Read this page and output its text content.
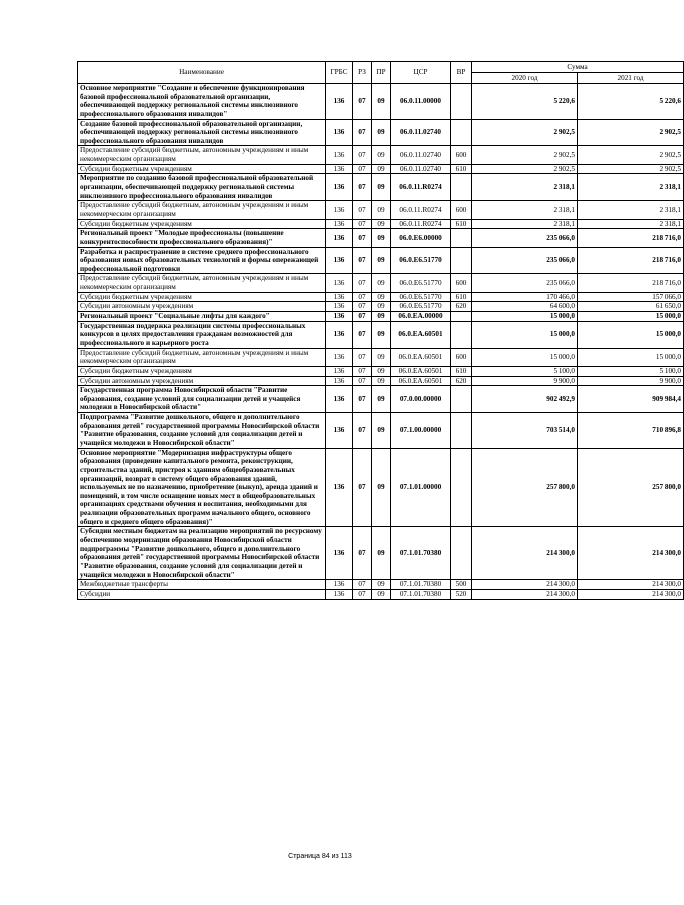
Наименование	ГРБС	РЗ	ПР	ЦСР	ВР	Сумма	
						2020 год	2021 год
Основное мероприятие "Создание и обеспечение функционирования базовой профессиональной образовательной организации, обеспечивающей поддержку региональной системы инклюзивного профессионального образования инвалидов"	136	07	09	06.0.11.00000		5 220,6	5 220,6
Создание базовой профессиональной образовательной организации, обеспечивающей поддержку региональной системы инклюзивного профессионального образования инвалидов	136	07	09	06.0.11.02740		2 902,5	2 902,5
Предоставление субсидий бюджетным, автономным учреждениям и иным некоммерческим организациям	136	07	09	06.0.11.02740	600	2 902,5	2 902,5
Субсидии бюджетным учреждениям	136	07	09	06.0.11.02740	610	2 902,5	2 902,5
Мероприятие по созданию базовой профессиональной образовательной организации, обеспечивающей поддержку региональной системы инклюзивного профессионального образования инвалидов	136	07	09	06.0.11.R0274		2 318,1	2 318,1
Предоставление субсидий бюджетным, автономным учреждениям и иным некоммерческим организациям	136	07	09	06.0.11.R0274	600	2 318,1	2 318,1
Субсидии бюджетным учреждениям	136	07	09	06.0.11.R0274	610	2 318,1	2 318,1
Региональный проект "Молодые профессионалы (повышение конкурентоспособности профессионального образования)"	136	07	09	06.0.E6.00000		235 066,0	218 716,0
Разработка и распространение в системе среднего профессионального образования новых образовательных технологий и формы опережающей профессиональной подготовки	136	07	09	06.0.E6.51770		235 066,0	218 716,0
Предоставление субсидий бюджетным, автономным учреждениям и иным некоммерческим организациям	136	07	09	06.0.E6.51770	600	235 066,0	218 716,0
Субсидии бюджетным учреждениям	136	07	09	06.0.E6.51770	610	170 466,0	157 066,0
Субсидии автономным учреждениям	136	07	09	06.0.E6.51770	620	64 600,0	61 650,0
Региональный проект "Социальные лифты для каждого"	136	07	09	06.0.EA.00000		15 000,0	15 000,0
Государственная поддержка реализации системы профессиональных конкурсов в целях предоставления гражданам возможностей для профессионального и карьерного роста	136	07	09	06.0.EA.60501		15 000,0	15 000,0
Предоставление субсидий бюджетным, автономным учреждениям и иным некоммерческим организациям	136	07	09	06.0.EA.60501	600	15 000,0	15 000,0
Субсидии бюджетным учреждениям	136	07	09	06.0.EA.60501	610	5 100,0	5 100,0
Субсидии автономным учреждениям	136	07	09	06.0.EA.60501	620	9 900,0	9 900,0
Государственная программа Новосибирской области "Развитие образования, создание условий для социализации детей и учащейся молодежи в Новосибирской области"	136	07	09	07.0.00.00000		902 492,9	909 984,4
Подпрограмма "Развитие дошкольного, общего и дополнительного образования детей" государственной программы Новосибирской области "Развитие образования, создание условий для социализации детей и учащейся молодежи в Новосибирской области"	136	07	09	07.1.00.00000		703 514,0	710 896,8
Основное мероприятие "Модернизация инфраструктуры общего образования (проведение капитального ремонта, реконструкции, строительства зданий, пристроя к зданиям общеобразовательных организаций, возврат в систему общего образования зданий, используемых не по назначению, приобретение (выкуп), аренда зданий и помещений, в том числе оснащение новых мест в общеобразовательных организациях средствами обучения и воспитания, необходимыми для реализации образовательных программ начального общего, основного общего и среднего общего образования)"	136	07	09	07.1.01.00000		257 800,0	257 800,0
Субсидии местным бюджетам на реализацию мероприятий по ресурсному обеспечению модернизации образования Новосибирской области подпрограммы "Развитие дошкольного, общего и дополнительного образования детей" государственной программы Новосибирской области "Развитие образования, создание условий для социализации детей и учащейся молодежи в Новосибирской области"	136	07	09	07.1.01.70380		214 300,0	214 300,0
Межбюджетные трансферты	136	07	09	07.1.01.70380	500	214 300,0	214 300,0
Субсидии	136	07	09	07.1.01.70380	520	214 300,0	214 300,0
Страница 84 из 113
